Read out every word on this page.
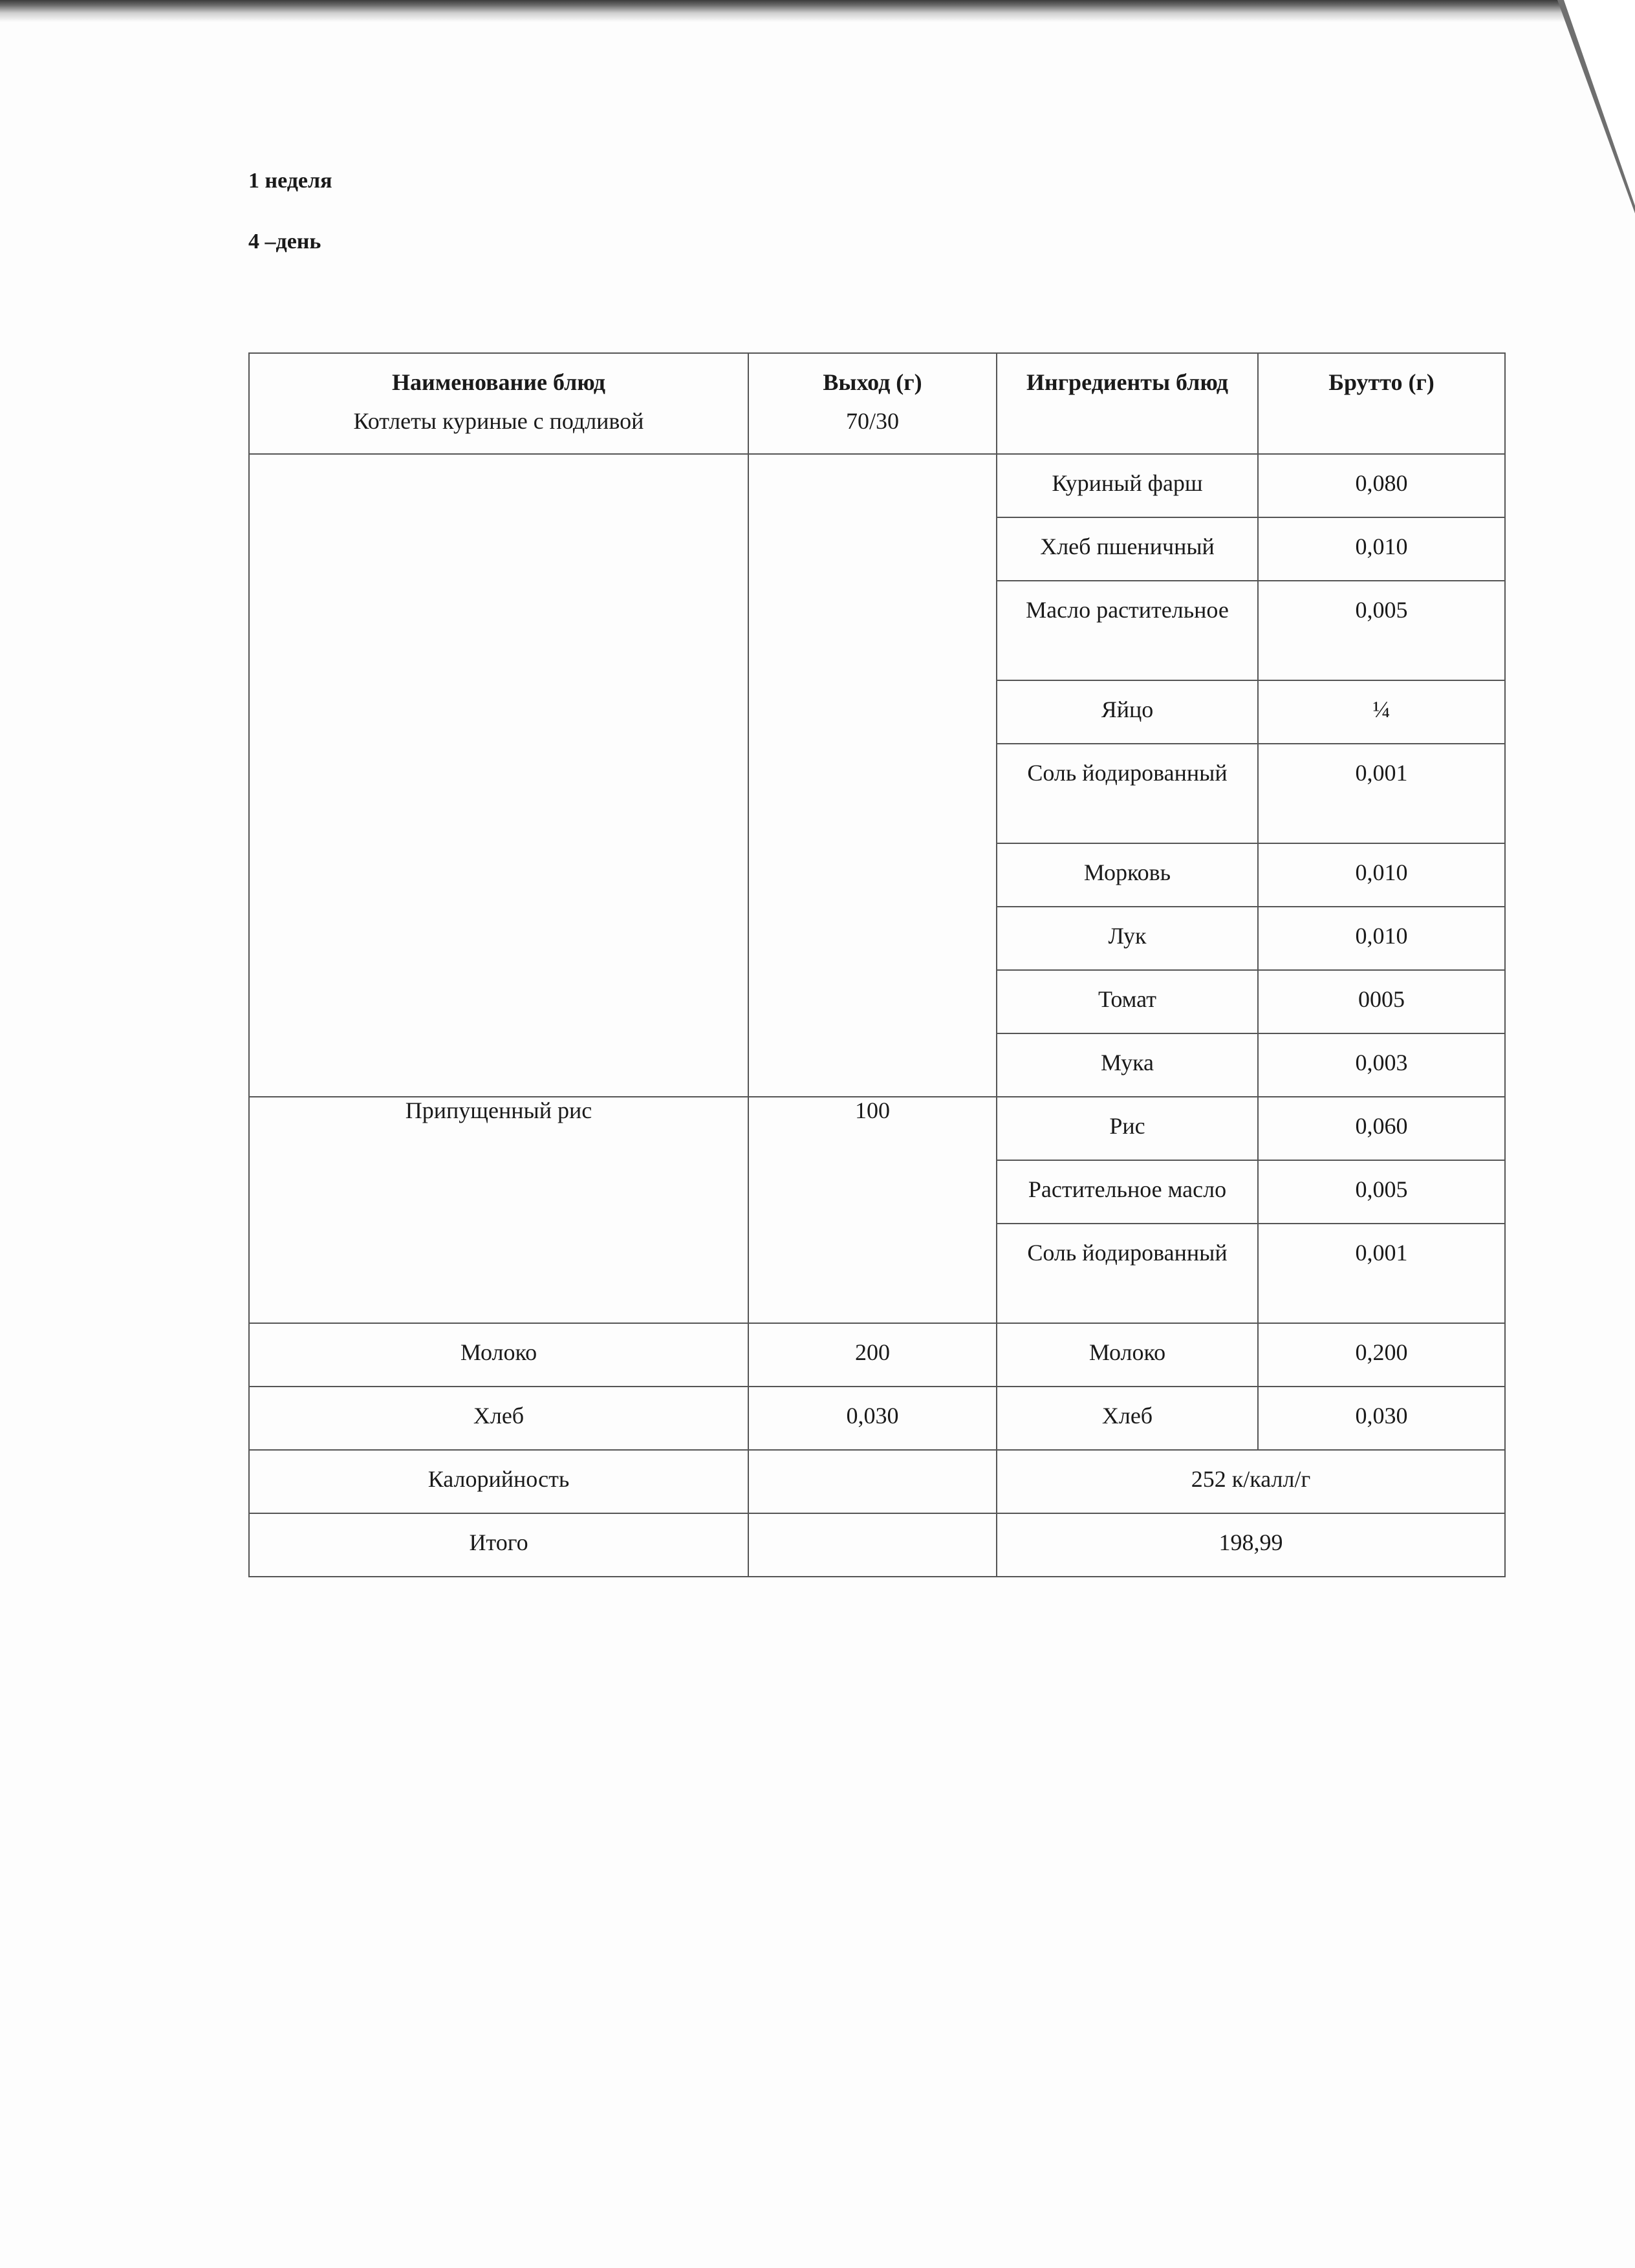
1 неделя
4 –день
Наименование блюд	Выход (г)	Ингредиенты блюд	Брутто (г)

Котлеты куриные с подливой	70/30	Куриный фарш	0,080

		Хлеб пшеничный	0,010

		Масло растительное	0,005

		Яйцо	¼

		Соль йодированный	0,001

		Морковь	0,010

		Лук	0,010

		Томат	0005

		Мука	0,003

Припущенный рис	100	Рис	0,060

		Растительное масло	0,005

		Соль йодированный	0,001

Молоко	200	Молоко	0,200

Хлеб	0,030	Хлеб	0,030

Калорийность		252 к/калл/г	

Итого		198,99	
